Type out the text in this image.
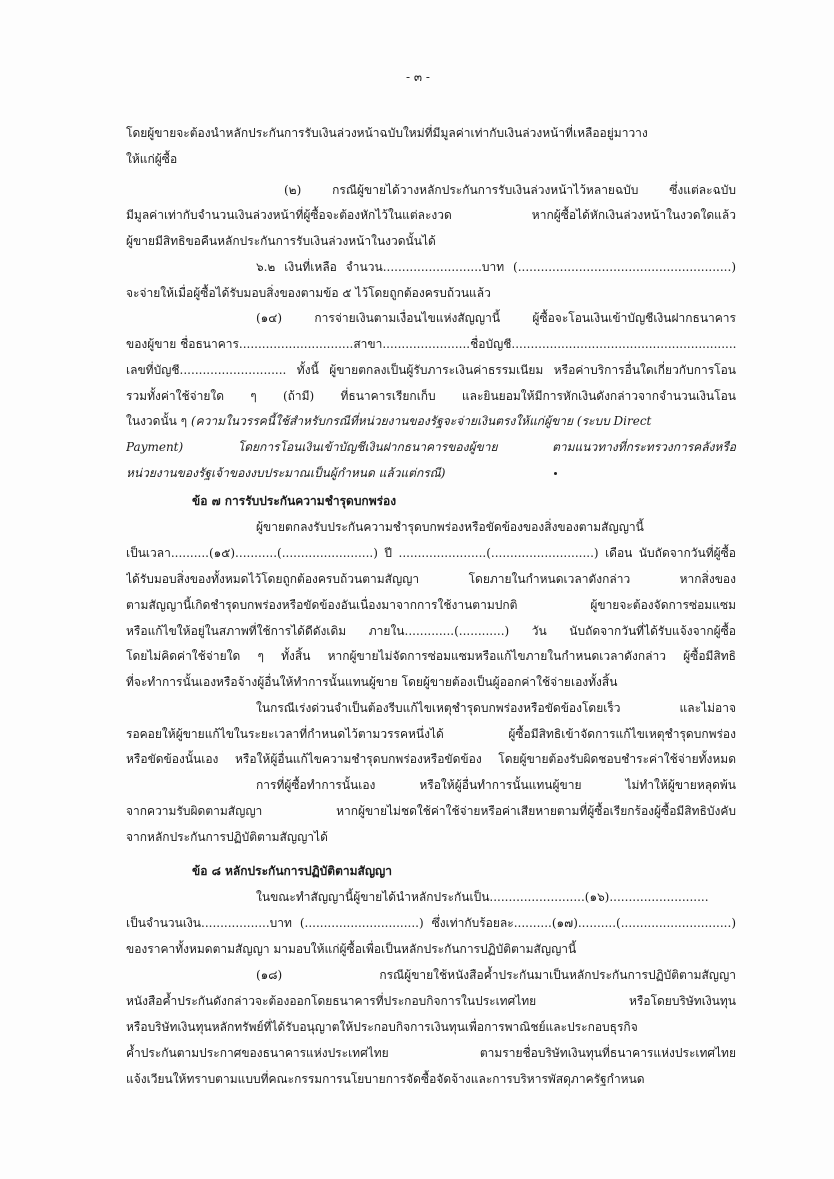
- ๓ -
โดยผู้ขายจะต้องนำหลักประกันการรับเงินล่วงหน้าฉบับใหม่ที่มีมูลค่าเท่ากับเงินล่วงหน้าที่เหลืออยู่มาวาง
ให้แก่ผู้ซื้อ
(๒) กรณีผู้ขายได้วางหลักประกันการรับเงินล่วงหน้าไว้หลายฉบับ ซึ่งแต่ละฉบับ
มีมูลค่าเท่ากับจำนวนเงินล่วงหน้าที่ผู้ซื้อจะต้องหักไว้ในแต่ละงวด หากผู้ซื้อได้หักเงินล่วงหน้าในงวดใดแล้ว
ผู้ขายมีสิทธิขอคืนหลักประกันการรับเงินล่วงหน้าในงวดนั้นได้
๖.๒ เงินที่เหลือ จำนวน..........................บาท (........................................................)
จะจ่ายให้เมื่อผู้ซื้อได้รับมอบสิ่งของตามข้อ ๕ ไว้โดยถูกต้องครบถ้วนแล้ว
(๑๔) การจ่ายเงินตามเงื่อนไขแห่งสัญญานี้ ผู้ซื้อจะโอนเงินเข้าบัญชีเงินฝากธนาคาร
ของผู้ขาย ชื่อธนาคาร..............................สาขา.......................ชื่อบัญชี...........................................................
เลขที่บัญชี............................ ทั้งนี้ ผู้ขายตกลงเป็นผู้รับภาระเงินค่าธรรมเนียม หรือค่าบริการอื่นใดเกี่ยวกับการโอน
รวมทั้งค่าใช้จ่ายใด ๆ (ถ้ามี) ที่ธนาคารเรียกเก็บ และยินยอมให้มีการหักเงินดังกล่าวจากจำนวนเงินโอน
ในงวดนั้น ๆ (ความในวรรคนี้ใช้สำหรับกรณีที่หน่วยงานของรัฐจะจ่ายเงินตรงให้แก่ผู้ขาย (ระบบ Direct
Payment) โดยการโอนเงินเข้าบัญชีเงินฝากธนาคารของผู้ขาย ตามแนวทางที่กระทรวงการคลังหรือ
หน่วยงานของรัฐเจ้าของงบประมาณเป็นผู้กำหนด แล้วแต่กรณี)
ข้อ ๗ การรับประกันความชำรุดบกพร่อง
ผู้ขายตกลงรับประกันความชำรุดบกพร่องหรือขัดข้องของสิ่งของตามสัญญานี้
เป็นเวลา..........(๑๕)...........(........................) ปี .......................(...........................) เดือน นับถัดจากวันที่ผู้ซื้อ
ได้รับมอบสิ่งของทั้งหมดไว้โดยถูกต้องครบถ้วนตามสัญญา โดยภายในกำหนดเวลาดังกล่าว หากสิ่งของ
ตามสัญญานี้เกิดชำรุดบกพร่องหรือขัดข้องอันเนื่องมาจากการใช้งานตามปกติ ผู้ขายจะต้องจัดการซ่อมแซม
หรือแก้ไขให้อยู่ในสภาพที่ใช้การได้ดีดังเดิม ภายใน.............(............) วัน นับถัดจากวันที่ได้รับแจ้งจากผู้ซื้อ
โดยไม่คิดค่าใช้จ่ายใด ๆ ทั้งสิ้น หากผู้ขายไม่จัดการซ่อมแซมหรือแก้ไขภายในกำหนดเวลาดังกล่าว ผู้ซื้อมีสิทธิ
ที่จะทำการนั้นเองหรือจ้างผู้อื่นให้ทำการนั้นแทนผู้ขาย โดยผู้ขายต้องเป็นผู้ออกค่าใช้จ่ายเองทั้งสิ้น
ในกรณีเร่งด่วนจำเป็นต้องรีบแก้ไขเหตุชำรุดบกพร่องหรือขัดข้องโดยเร็ว และไม่อาจ
รอคอยให้ผู้ขายแก้ไขในระยะเวลาที่กำหนดไว้ตามวรรคหนึ่งได้ ผู้ซื้อมีสิทธิเข้าจัดการแก้ไขเหตุชำรุดบกพร่อง
หรือขัดข้องนั้นเอง หรือให้ผู้อื่นแก้ไขความชำรุดบกพร่องหรือขัดข้อง โดยผู้ขายต้องรับผิดชอบชำระค่าใช้จ่ายทั้งหมด
การที่ผู้ซื้อทำการนั้นเอง หรือให้ผู้อื่นทำการนั้นแทนผู้ขาย ไม่ทำให้ผู้ขายหลุดพ้น
จากความรับผิดตามสัญญา หากผู้ขายไม่ชดใช้ค่าใช้จ่ายหรือค่าเสียหายตามที่ผู้ซื้อเรียกร้องผู้ซื้อมีสิทธิบังคับ
จากหลักประกันการปฏิบัติตามสัญญาได้
ข้อ ๘ หลักประกันการปฏิบัติตามสัญญา
ในขณะทำสัญญานี้ผู้ขายได้นำหลักประกันเป็น.........................(๑๖)..........................
เป็นจำนวนเงิน..................บาท (..............................) ซึ่งเท่ากับร้อยละ..........(๑๗)..........(.............................)
ของราคาทั้งหมดตามสัญญา มามอบให้แก่ผู้ซื้อเพื่อเป็นหลักประกันการปฏิบัติตามสัญญานี้
(๑๘) กรณีผู้ขายใช้หนังสือค้ำประกันมาเป็นหลักประกันการปฏิบัติตามสัญญา
หนังสือค้ำประกันดังกล่าวจะต้องออกโดยธนาคารที่ประกอบกิจการในประเทศไทย หรือโดยบริษัทเงินทุน
หรือบริษัทเงินทุนหลักทรัพย์ที่ได้รับอนุญาตให้ประกอบกิจการเงินทุนเพื่อการพาณิชย์และประกอบธุรกิจ
ค้ำประกันตามประกาศของธนาคารแห่งประเทศไทย ตามรายชื่อบริษัทเงินทุนที่ธนาคารแห่งประเทศไทย
แจ้งเวียนให้ทราบตามแบบที่คณะกรรมการนโยบายการจัดซื้อจัดจ้างและการบริหารพัสดุภาครัฐกำหนด
